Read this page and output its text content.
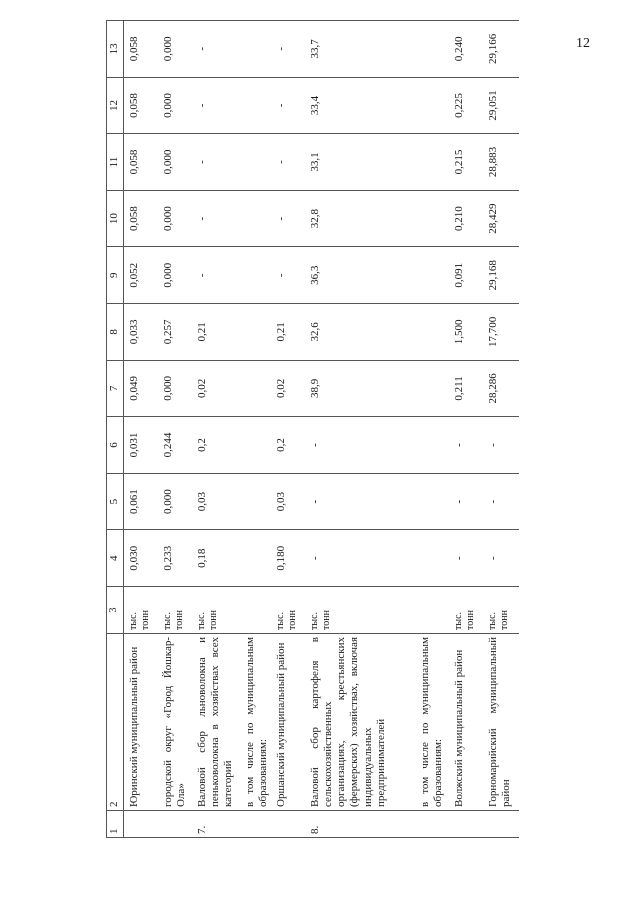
12
1	2	3	4	5	6	7	8	9	10	11	12	13
	Юринский муниципальный район	тыс. тонн	0,030	0,061	0,031	0,049	0,033	0,052	0,058	0,058	0,058	0,058
	городской округ «Город Йошкар-Ола»	тыс. тонн	0,233	0,000	0,244	0,000	0,257	0,000	0,000	0,000	0,000	0,000
7.	Валовой сбор льноволокна и пеньковолокна в хозяйствах всех категорий	тыс. тонн	0,18	0,03	0,2	0,02	0,21	-	-	-	-	-
	в том числе по муниципальным образованиям:											
	Оршанский муниципальный район	тыс. тонн	0,180	0,03	0,2	0,02	0,21	-	-	-	-	-
8.	Валовой сбор картофеля в сельскохозяйственных организациях, крестьянских (фермерских) хозяйствах, включая индивидуальных предпринимателей	тыс. тонн	-	-	-	38,9	32,6	36,3	32,8	33,1	33,4	33,7
	в том числе по муниципальным образованиям:											
	Волжский муниципальный район	тыс. тонн	-	-	-	0,211	1,500	0,091	0,210	0,215	0,225	0,240
	Горномарийский муниципальный район	тыс. тонн	-	-	-	28,286	17,700	29,168	28,429	28,883	29,051	29,166
